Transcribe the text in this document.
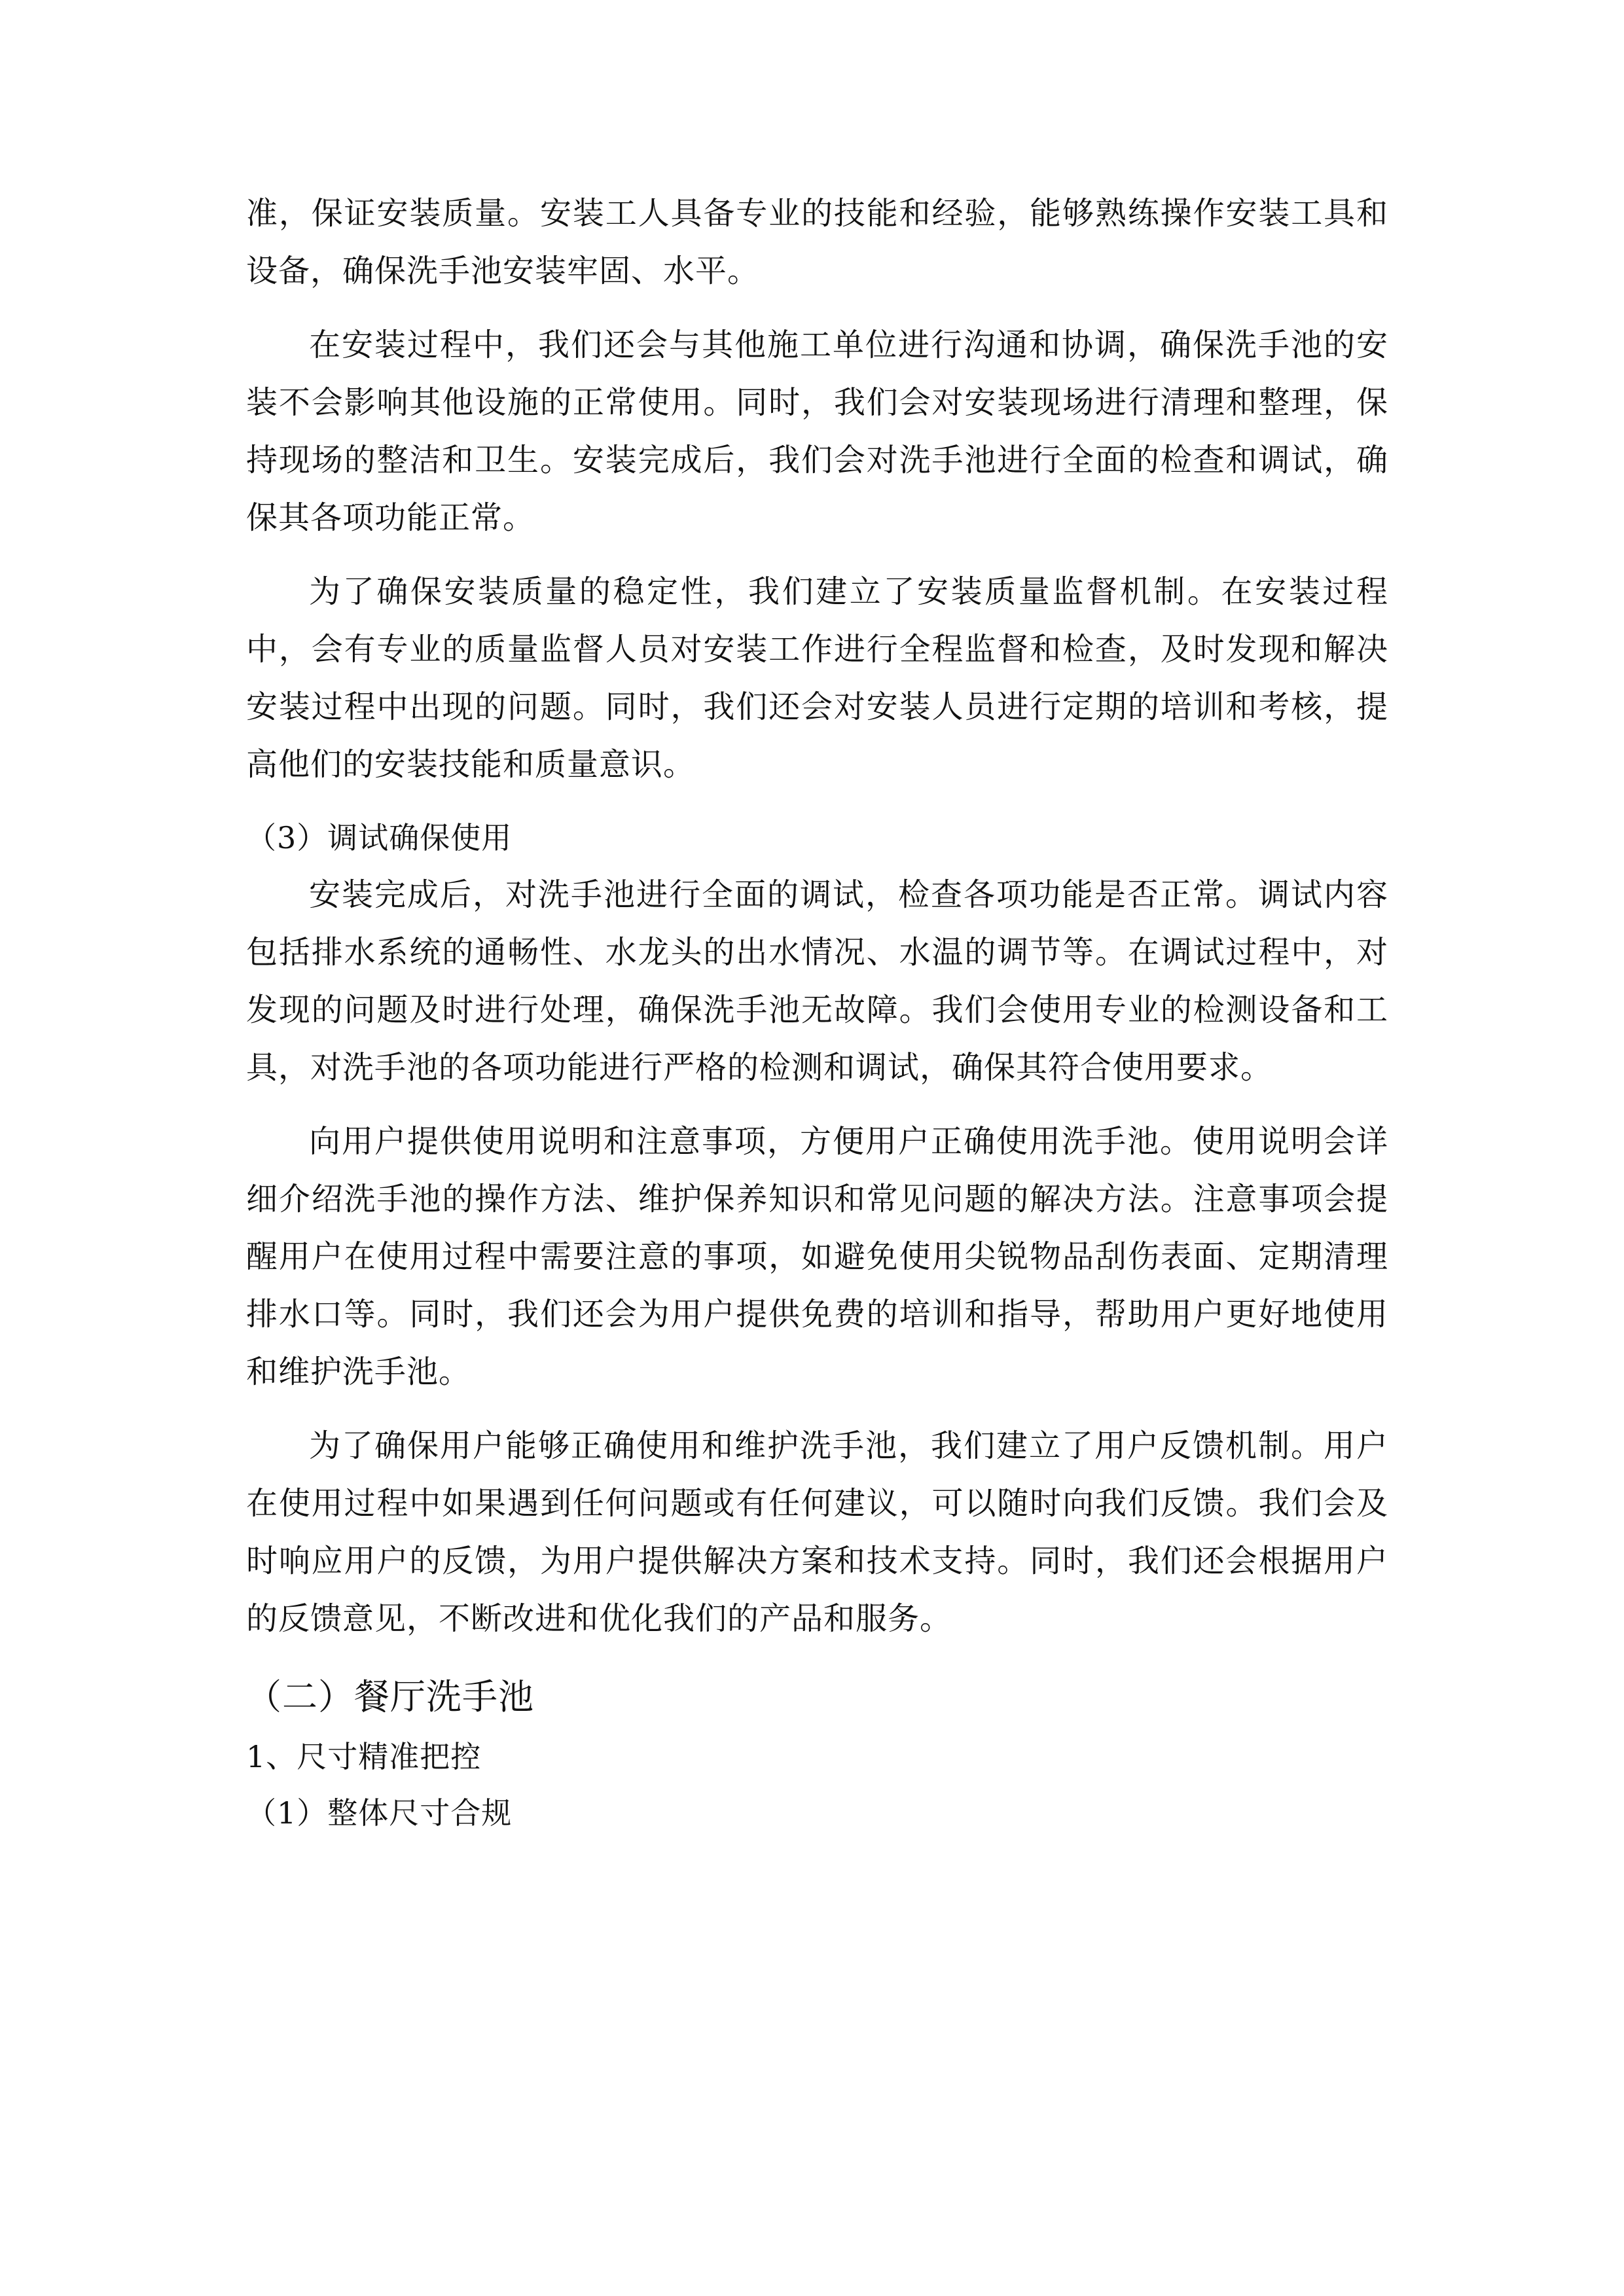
准，保证安装质量。安装工人具备专业的技能和经验，能够熟练操作安装工具和设备，确保洗手池安装牢固、水平。

在安装过程中，我们还会与其他施工单位进行沟通和协调，确保洗手池的安装不会影响其他设施的正常使用。同时，我们会对安装现场进行清理和整理，保持现场的整洁和卫生。安装完成后，我们会对洗手池进行全面的检查和调试，确保其各项功能正常。

为了确保安装质量的稳定性，我们建立了安装质量监督机制。在安装过程中，会有专业的质量监督人员对安装工作进行全程监督和检查，及时发现和解决安装过程中出现的问题。同时，我们还会对安装人员进行定期的培训和考核，提高他们的安装技能和质量意识。

（3）调试确保使用

安装完成后，对洗手池进行全面的调试，检查各项功能是否正常。调试内容包括排水系统的通畅性、水龙头的出水情况、水温的调节等。在调试过程中，对发现的问题及时进行处理，确保洗手池无故障。我们会使用专业的检测设备和工具，对洗手池的各项功能进行严格的检测和调试，确保其符合使用要求。

向用户提供使用说明和注意事项，方便用户正确使用洗手池。使用说明会详细介绍洗手池的操作方法、维护保养知识和常见问题的解决方法。注意事项会提醒用户在使用过程中需要注意的事项，如避免使用尖锐物品刮伤表面、定期清理排水口等。同时，我们还会为用户提供免费的培训和指导，帮助用户更好地使用和维护洗手池。

为了确保用户能够正确使用和维护洗手池，我们建立了用户反馈机制。用户在使用过程中如果遇到任何问题或有任何建议，可以随时向我们反馈。我们会及时响应用户的反馈，为用户提供解决方案和技术支持。同时，我们还会根据用户的反馈意见，不断改进和优化我们的产品和服务。

（二）餐厅洗手池
1、尺寸精准把控
（1）整体尺寸合规
